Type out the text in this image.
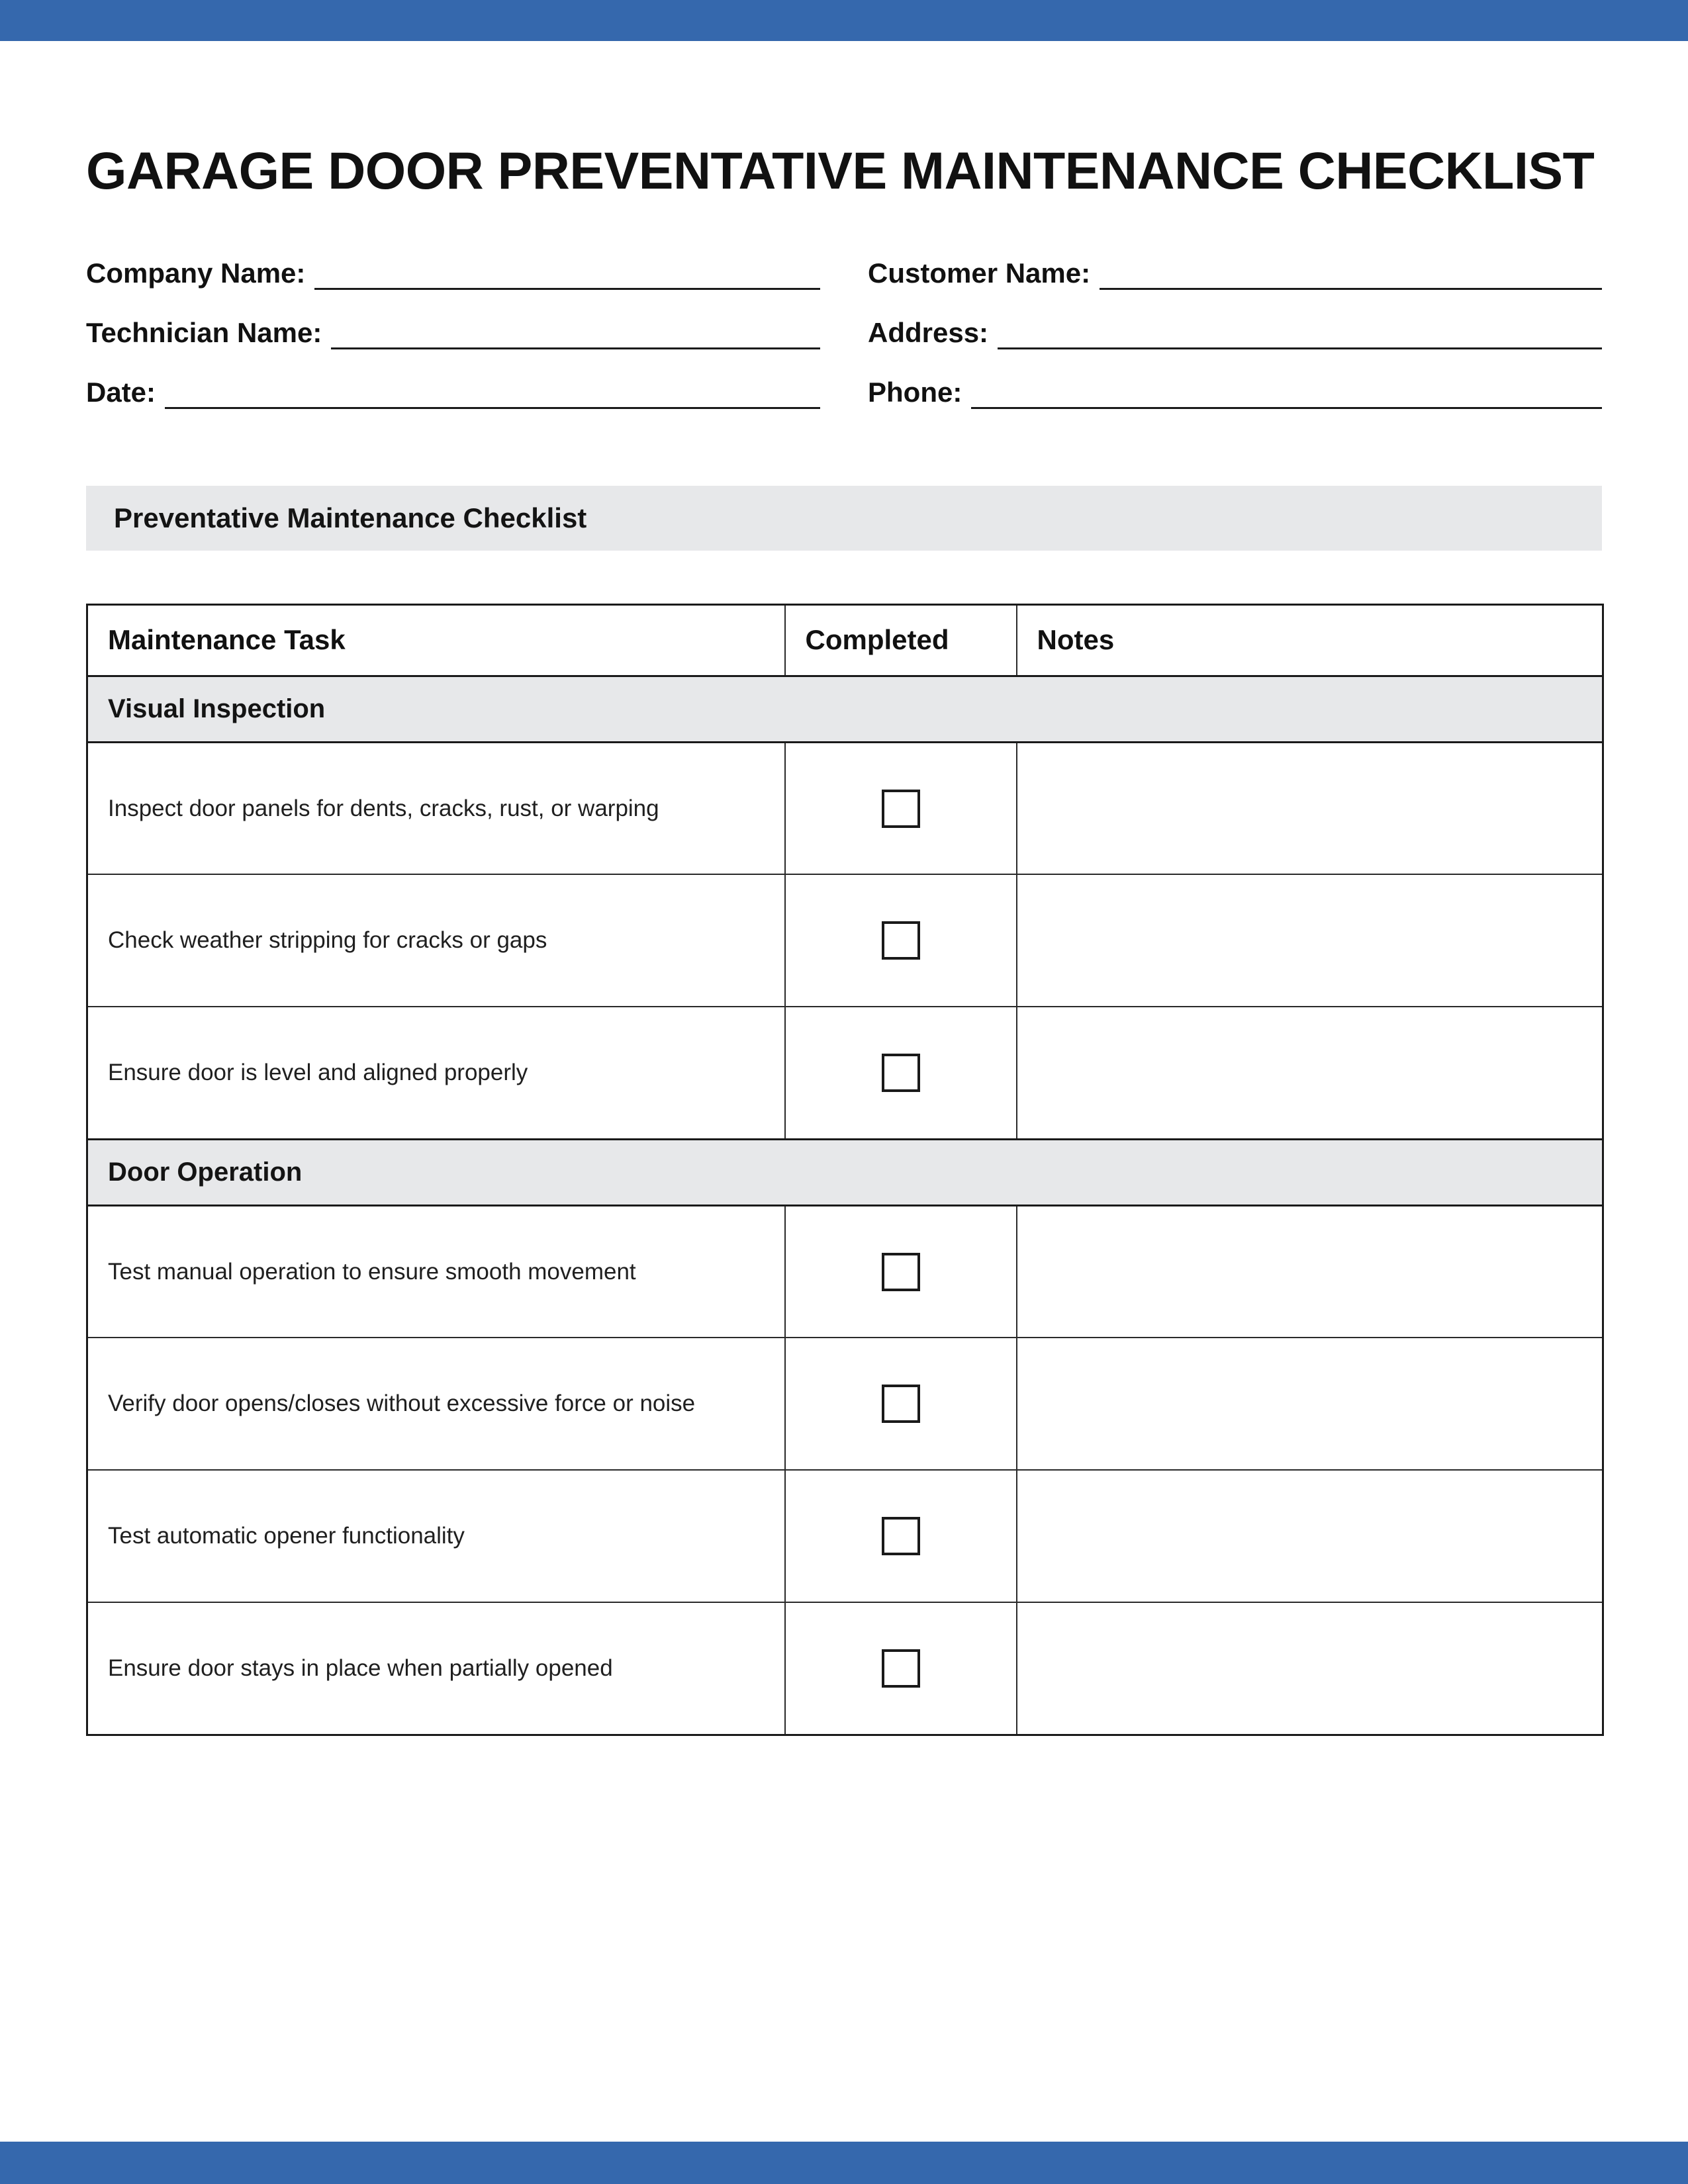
GARAGE DOOR PREVENTATIVE MAINTENANCE CHECKLIST
Company Name:
Technician Name:
Date:
Customer Name:
Address:
Phone:
Preventative Maintenance Checklist
Maintenance Task	Completed	Notes
Visual Inspection		
Inspect door panels for dents, cracks, rust, or warping		
Check weather stripping for cracks or gaps		
Ensure door is level and aligned properly		
Door Operation		
Test manual operation to ensure smooth movement		
Verify door opens/closes without excessive force or noise		
Test automatic opener functionality		
Ensure door stays in place when partially opened		
